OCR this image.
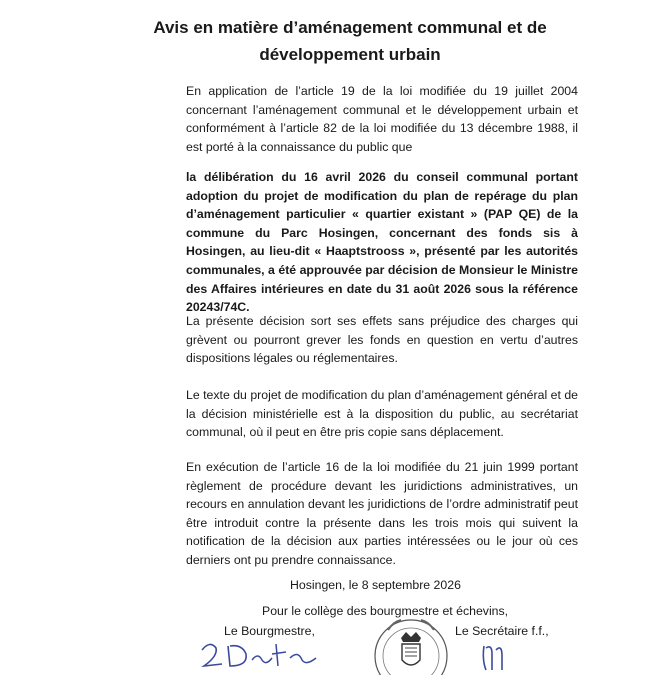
Avis en matière d’aménagement communal et de développement urbain
En application de l’article 19 de la loi modifiée du 19 juillet 2004 concernant l’aménagement communal et le développement urbain et conformément à l’article 82 de la loi modifiée du 13 décembre 1988, il est porté à la connaissance du public que
la délibération du 16 avril 2026 du conseil communal portant adoption du projet de modification du plan de repérage du plan d’aménagement particulier « quartier existant » (PAP QE) de la commune du Parc Hosingen, concernant des fonds sis à Hosingen, au lieu-dit « Haaptstrooss », présenté par les autorités communales, a été approuvée par décision de Monsieur le Ministre des Affaires intérieures en date du 31 août 2026 sous la référence 20243/74C.
La présente décision sort ses effets sans préjudice des charges qui grèvent ou pourront grever les fonds en question en vertu d’autres dispositions légales ou réglementaires.
Le texte du projet de modification du plan d’aménagement général et de la décision ministérielle est à la disposition du public, au secrétariat communal, où il peut en être pris copie sans déplacement.
En exécution de l’article 16 de la loi modifiée du 21 juin 1999 portant règlement de procédure devant les juridictions administratives, un recours en annulation devant les juridictions de l’ordre administratif peut être introduit contre la présente dans les trois mois qui suivent la notification de la décision aux parties intéressées ou le jour où ces derniers ont pu prendre connaissance.
Hosingen, le 8 septembre 2026
Pour le collège des bourgmestre et échevins,
Le Bourgmestre,	Le Secrétaire f.f.,
